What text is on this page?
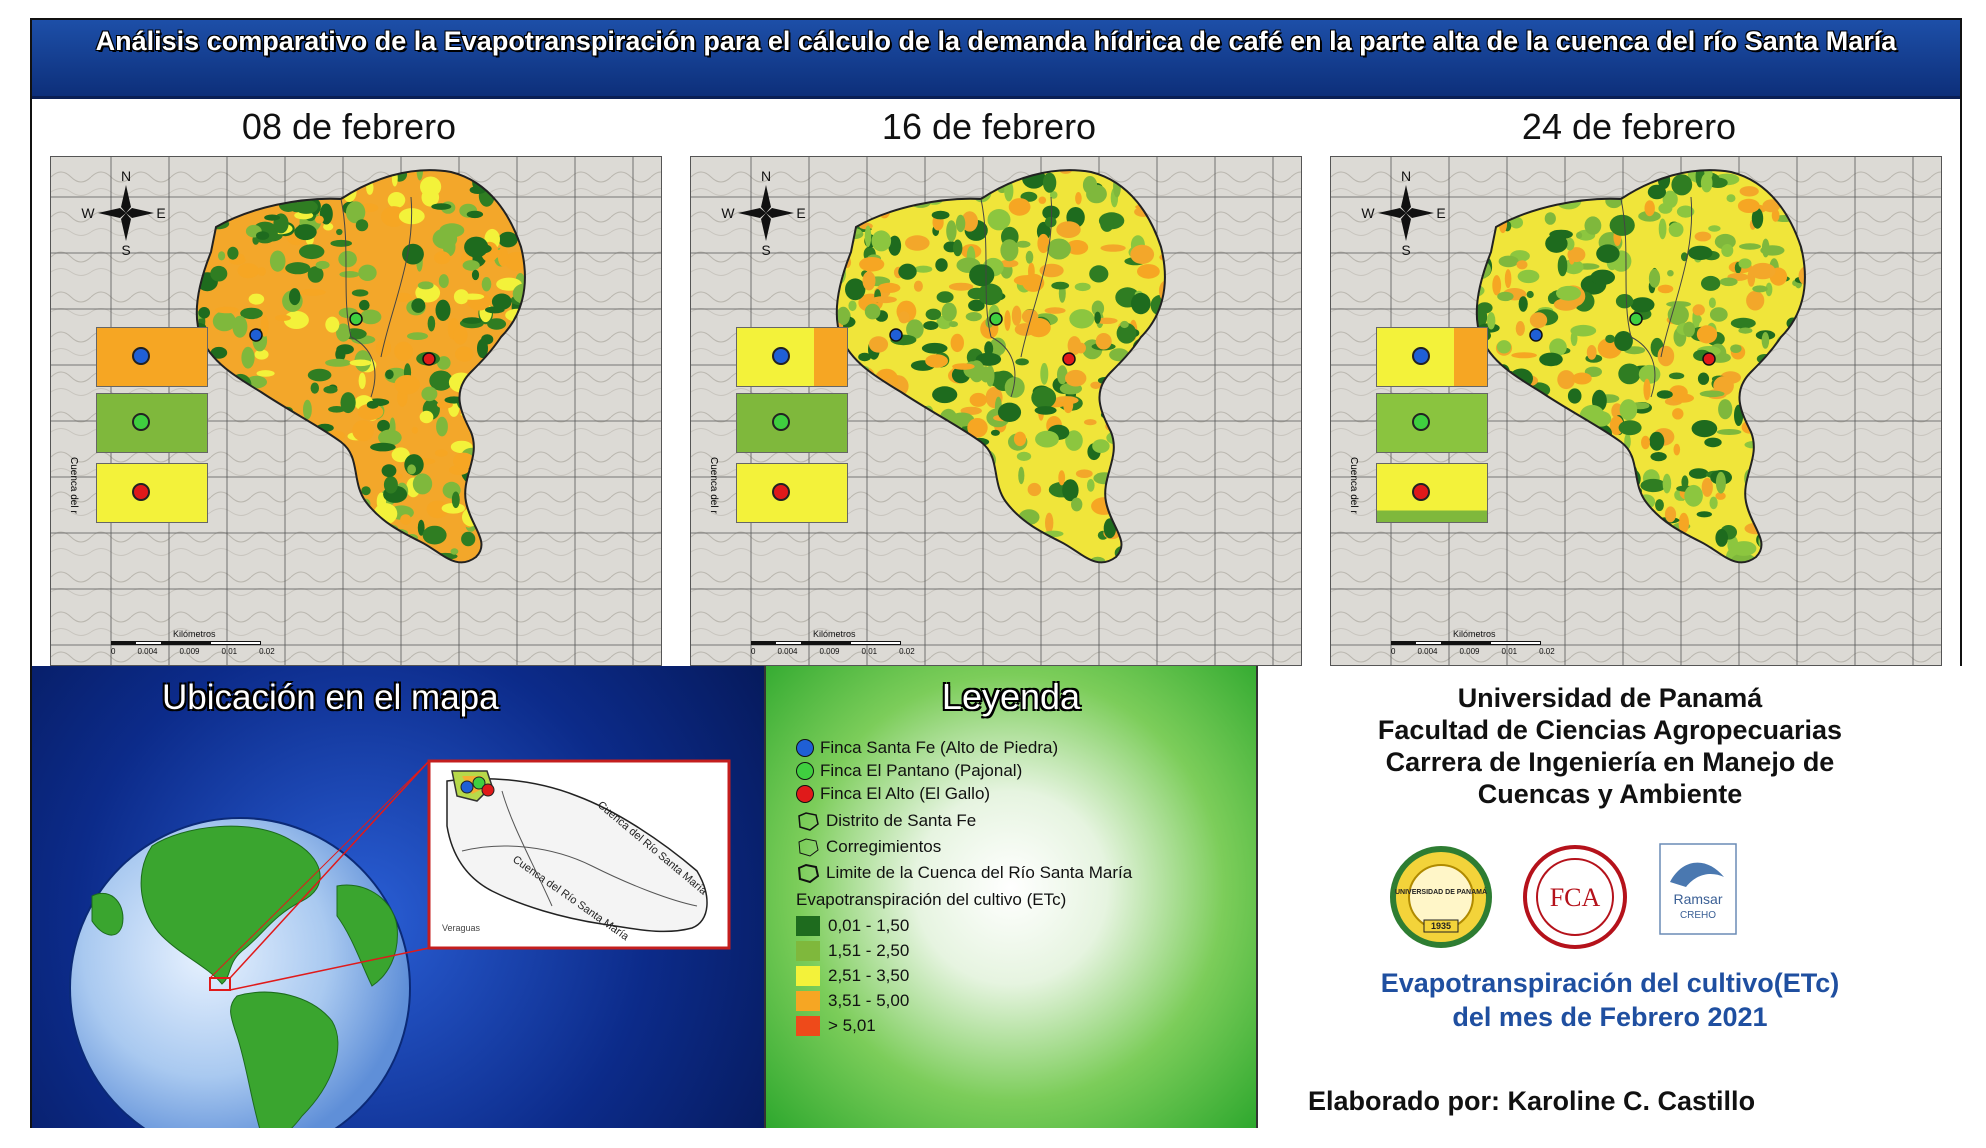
Análisis comparativo de la Evapotranspiración para el cálculo de la demanda hídrica de café en la parte alta de la cuenca del río Santa María
08 de febrero
N
S
E
W
Cuenca del r
Kilómetros
0	0.004	0.009	0.01	0.02
16 de febrero
N
S
E
W
Cuenca del r
Kilómetros
0	0.004	0.009	0.01	0.02
24 de febrero
N
S
E
W
Cuenca del r
Kilómetros
0	0.004	0.009	0.01	0.02
Ubicación en el mapa
Cuenca del Río Santa María
Cuenca del Río Santa María
Veraguas
Leyenda
Finca Santa Fe (Alto de Piedra)
Finca El Pantano (Pajonal)
Finca El Alto (El Gallo)
Distrito de Santa Fe
Corregimientos
Limite de la Cuenca del Río Santa María
Evapotranspiración del cultivo (ETc)
0,01 - 1,50
1,51 - 2,50
2,51 - 3,50
3,51 - 5,00
> 5,01
Universidad de Panamá
Facultad de Ciencias Agropecuarias
Carrera de Ingeniería en Manejo de
Cuencas y Ambiente
UNIVERSIDAD DE PANAMÁ
1935
FCA	Ramsar
CREHO
Evapotranspiración del cultivo(ETc)
del mes de Febrero 2021
Elaborado por: Karoline C. Castillo
